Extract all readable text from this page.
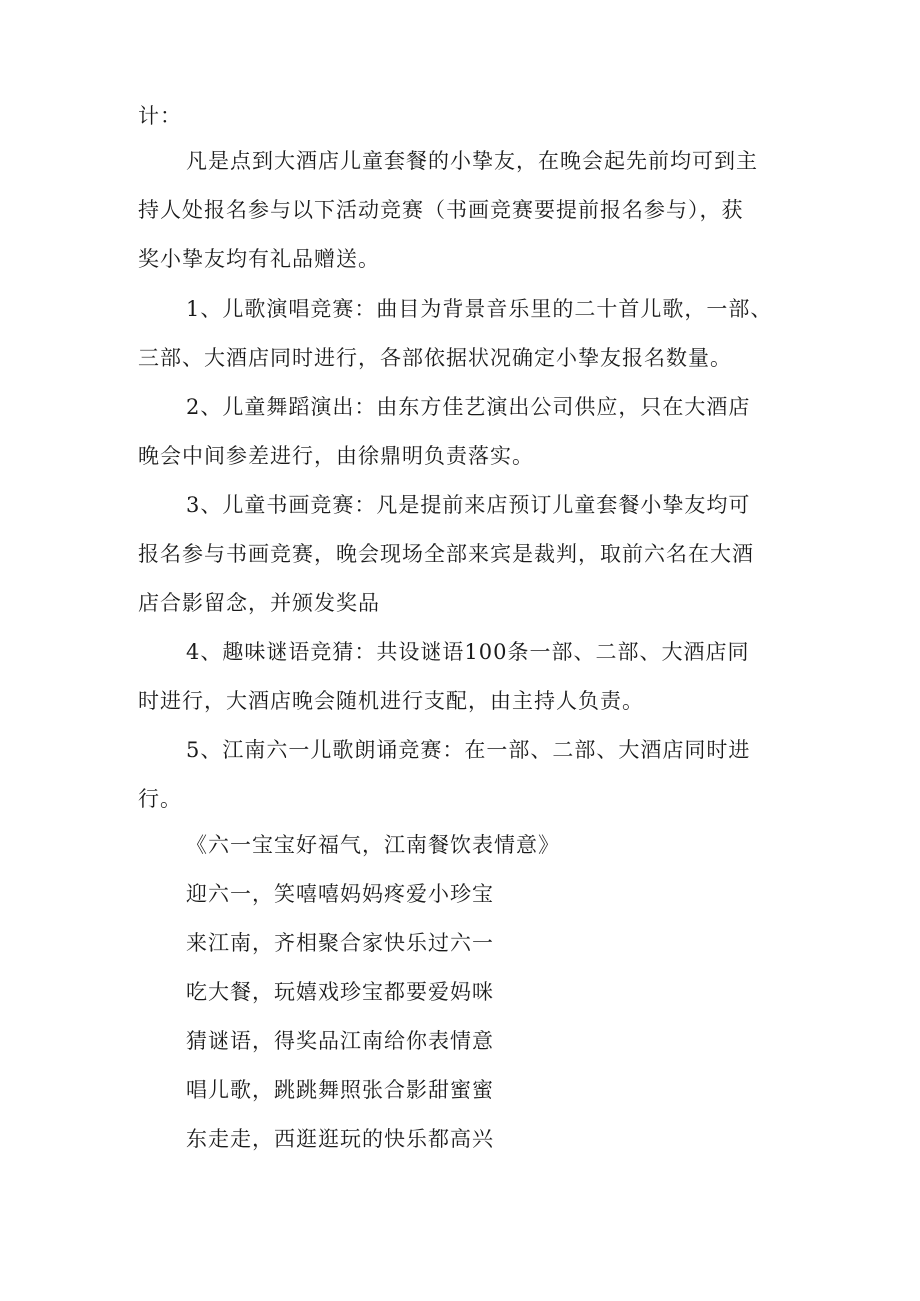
计：
凡是点到大酒店儿童套餐的小挚友，在晚会起先前均可到主
持人处报名参与以下活动竞赛（书画竞赛要提前报名参与），获
奖小挚友均有礼品赠送。
1、儿歌演唱竞赛：曲目为背景音乐里的二十首儿歌，一部、
三部、大酒店同时进行，各部依据状况确定小挚友报名数量。
2、儿童舞蹈演出：由东方佳艺演出公司供应，只在大酒店
晚会中间参差进行，由徐鼎明负责落实。
3、儿童书画竞赛：凡是提前来店预订儿童套餐小挚友均可
报名参与书画竞赛，晚会现场全部来宾是裁判，取前六名在大酒
店合影留念，并颁发奖品
4、趣味谜语竞猜：共设谜语100条一部、二部、大酒店同
时进行，大酒店晚会随机进行支配，由主持人负责。
5、江南六一儿歌朗诵竞赛：在一部、二部、大酒店同时进
行。
《六一宝宝好福气，江南餐饮表情意》
迎六一，笑嘻嘻妈妈疼爱小珍宝
来江南，齐相聚合家快乐过六一
吃大餐，玩嬉戏珍宝都要爱妈咪
猜谜语，得奖品江南给你表情意
唱儿歌，跳跳舞照张合影甜蜜蜜
东走走，西逛逛玩的快乐都高兴
